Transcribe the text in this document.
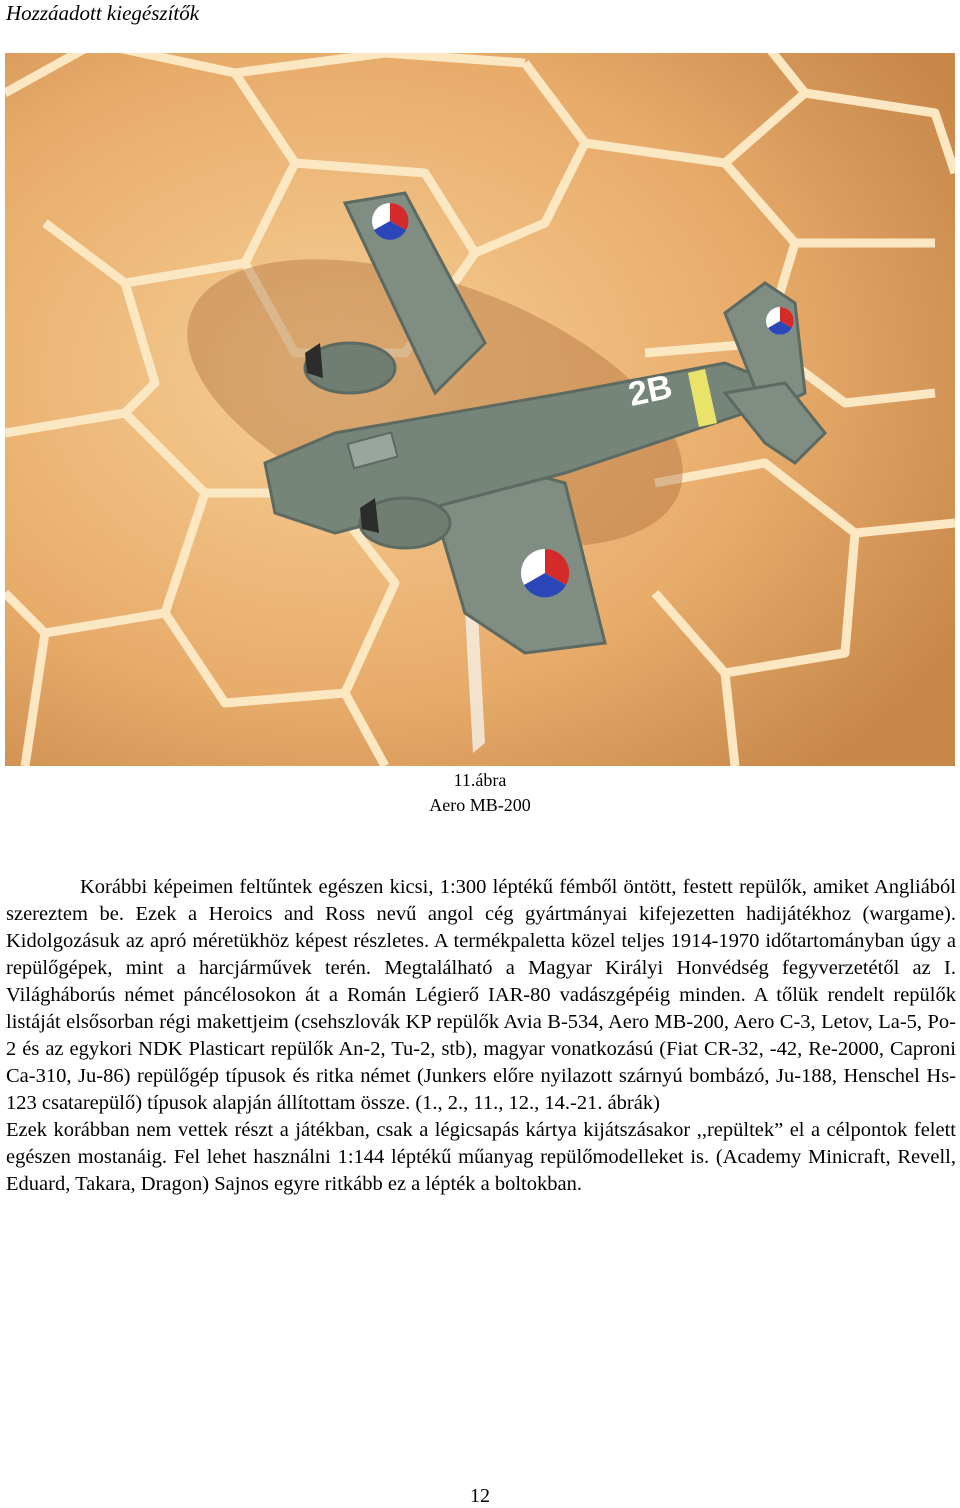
Hozzáadott kiegészítők
2B
11.ábra
Aero MB-200

Korábbi képeimen feltűntek egészen kicsi, 1:300 léptékű fémből öntött, festett repülők, amiket Angliából szereztem be. Ezek a Heroics and Ross nevű angol cég gyártmányai kifejezetten hadijátékhoz (wargame). Kidolgozásuk az apró méretükhöz képest részletes. A termékpaletta közel teljes 1914-1970 időtartományban úgy a repülőgépek, mint a harcjárművek terén. Megtalálható a Magyar Királyi Honvédség fegyverzetétől az I. Világháborús német páncélosokon át a Román Légierő IAR-80 vadászgépéig minden. A tőlük rendelt repülők listáját elsősorban régi makettjeim (csehszlovák KP repülők Avia B-534, Aero MB-200, Aero C-3, Letov, La-5, Po-2 és az egykori NDK Plasticart repülők An-2, Tu-2, stb), magyar vonatkozású (Fiat CR-32, -42, Re-2000, Caproni Ca-310, Ju-86) repülőgép típusok és ritka német (Junkers előre nyilazott szárnyú bombázó, Ju-188, Henschel Hs-123 csatarepülő) típusok alapján állítottam össze. (1., 2., 11., 12., 14.-21. ábrák)

Ezek korábban nem vettek részt a játékban, csak a légicsapás kártya kijátszásakor ,,repültek” el a célpontok felett egészen mostanáig. Fel lehet használni 1:144 léptékű műanyag repülőmodelleket is. (Academy Minicraft, Revell, Eduard, Takara, Dragon) Sajnos egyre ritkább ez a lépték a boltokban.

12
